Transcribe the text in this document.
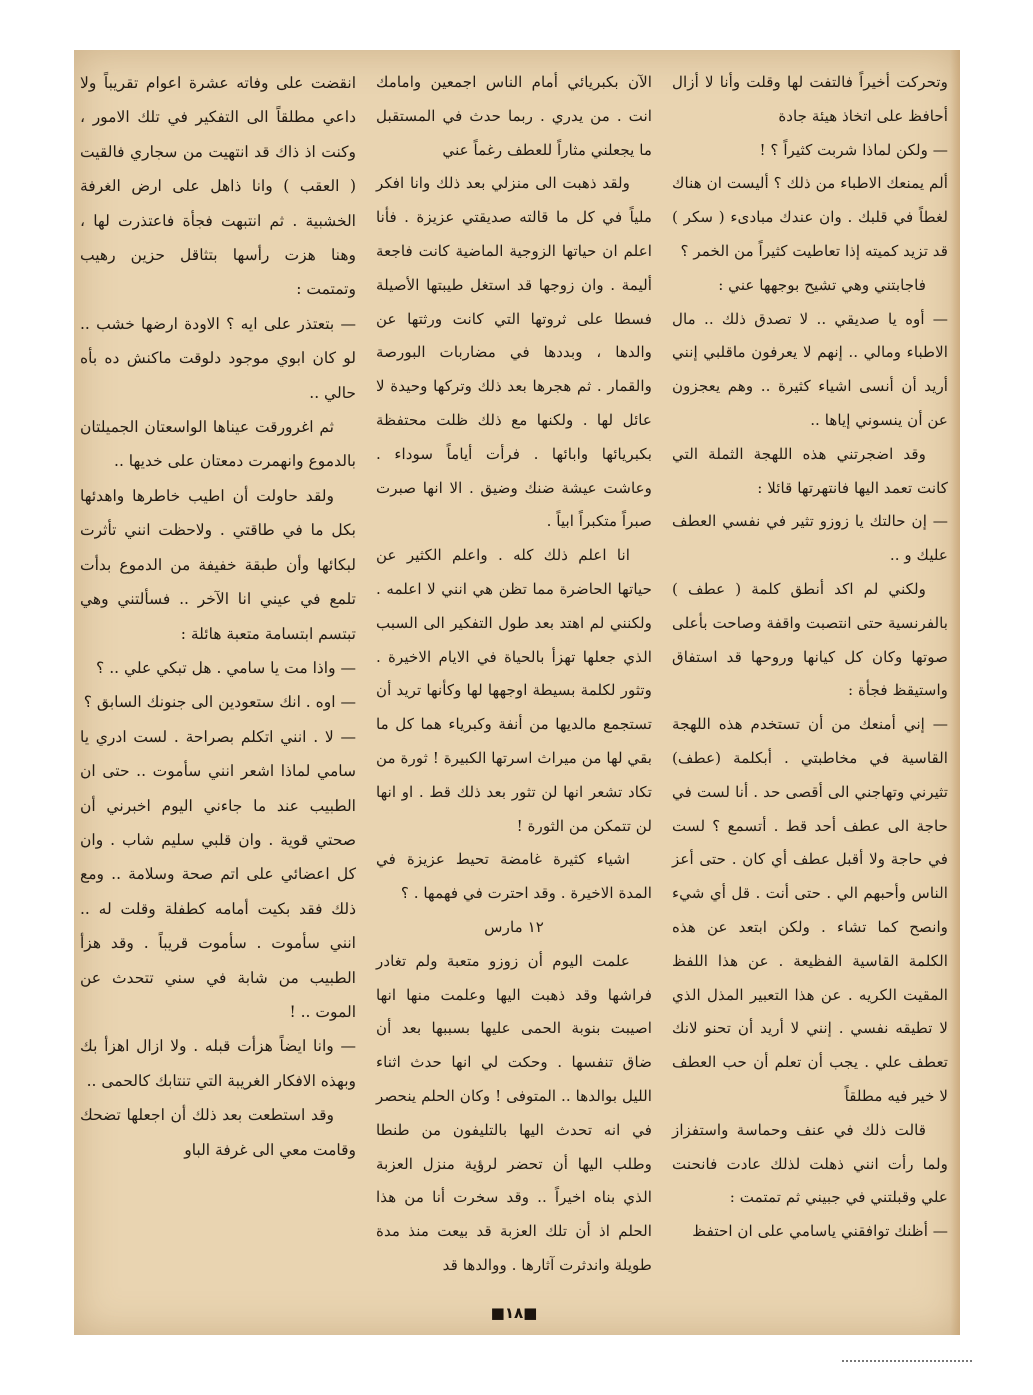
وتحركت أخيراً فالتفت لها وقلت وأنا لا أزال أحافظ على اتخاذ هيئة جادة

— ولكن لماذا شربت كثيراً ؟ !

ألم يمنعك الاطباء من ذلك ؟ أليست ان هناك لغطاً في قلبك . وان عندك مبادىء ( سكر ) قد تزيد كميته إذا تعاطيت كثيراً من الخمر ؟

فاجابتني وهي تشيح بوجهها عني :

— أوه يا صديقي .. لا تصدق ذلك .. مال الاطباء ومالي .. إنهم لا يعرفون ماقلبي إنني أريد أن أنسى اشياء كثيرة .. وهم يعجزون عن أن ينسوني إياها ..

وقد اضجرتني هذه اللهجة الثملة التي كانت تعمد اليها فانتهرتها قائلا :

— إن حالتك يا زوزو تثير في نفسي العطف عليك و ..

ولكني لم اكد أنطق كلمة ( عطف ) بالفرنسية حتى انتصبت واقفة وصاحت بأعلى صوتها وكان كل كيانها وروحها قد استفاق واستيقظ فجأة :

— إني أمنعك من أن تستخدم هذه اللهجة القاسية في مخاطبتي . أبكلمة (عطف) تثيرني وتهاجني الى أقصى حد . أنا لست في حاجة الى عطف أحد قط . أتسمع ؟ لست في حاجة ولا أقبل عطف أي كان . حتى أعز الناس وأحبهم الي . حتى أنت . قل أي شيء وانصح كما تشاء . ولكن ابتعد عن هذه الكلمة القاسية الفظيعة . عن هذا اللفظ المقيت الكريه . عن هذا التعبير المذل الذي لا تطيقه نفسي . إنني لا أريد أن تحنو لانك تعطف علي . يجب أن تعلم أن حب العطف لا خير فيه مطلقاً

قالت ذلك في عنف وحماسة واستفزاز ولما رأت انني ذهلت لذلك عادت فانحنت علي وقبلتني في جبيني ثم تمتمت :

— أظنك توافقني ياسامي على ان احتفظ

الآن بكبريائي أمام الناس اجمعين وامامك انت . من يدري . ربما حدث في المستقبل ما يجعلني مثاراً للعطف رغماً عني

ولقد ذهبت الى منزلي بعد ذلك وانا افكر ملياً في كل ما قالته صديقتي عزيزة . فأنا اعلم ان حياتها الزوجية الماضية كانت فاجعة أليمة . وان زوجها قد استغل طيبتها الأصيلة فسطا على ثروتها التي كانت ورثتها عن والدها ، وبددها في مضاربات البورصة والقمار . ثم هجرها بعد ذلك وتركها وحيدة لا عائل لها . ولكنها مع ذلك ظلت محتفظة بكبريائها وابائها . فرأت أياماً سوداء . وعاشت عيشة ضنك وضيق . الا انها صبرت صبراً متكبراً ابياً .

انا اعلم ذلك كله . واعلم الكثير عن حياتها الحاضرة مما تظن هي انني لا اعلمه . ولكنني لم اهتد بعد طول التفكير الى السبب الذي جعلها تهزأ بالحياة في الايام الاخيرة . وتثور لكلمة بسيطة اوجهها لها وكأنها تريد أن تستجمع مالديها من أنفة وكبرياء هما كل ما بقي لها من ميراث اسرتها الكبيرة ! ثورة من تكاد تشعر انها لن تثور بعد ذلك قط . او انها لن تتمكن من الثورة !

اشياء كثيرة غامضة تحيط عزيزة في المدة الاخيرة . وقد احترت في فهمها . ؟

١٢ مارس

علمت اليوم أن زوزو متعبة ولم تغادر فراشها وقد ذهبت اليها وعلمت منها انها اصيبت بنوبة الحمى عليها بسببها بعد أن ضاق تنفسها . وحكت لي انها حدث اثناء الليل بوالدها .. المتوفى ! وكان الحلم ينحصر في انه تحدث اليها بالتليفون من طنطا وطلب اليها أن تحضر لرؤية منزل العزبة الذي بناه اخيراً .. وقد سخرت أنا من هذا الحلم اذ أن تلك العزبة قد بيعت منذ مدة طويلة واندثرت آثارها . ووالدها قد

انقضت على وفاته عشرة اعوام تقريباً ولا داعي مطلقاً الى التفكير في تلك الامور ، وكنت اذ ذاك قد انتهيت من سجاري فالقيت ( العقب ) وانا ذاهل على ارض الغرفة الخشبية . ثم انتبهت فجأة فاعتذرت لها ، وهنا هزت رأسها بتثاقل حزين رهيب وتمتمت :

— بتعتذر على ايه ؟ الاودة ارضها خشب .. لو كان ابوي موجود دلوقت ماكنش ده بأه حالي ..

ثم اغرورقت عيناها الواسعتان الجميلتان بالدموع وانهمرت دمعتان على خديها ..

ولقد حاولت أن اطيب خاطرها واهدئها بكل ما في طاقتي . ولاحظت انني تأثرت لبكائها وأن طبقة خفيفة من الدموع بدأت تلمع في عيني انا الآخر .. فسألتني وهي تبتسم ابتسامة متعبة هائلة :

— واذا مت يا سامي . هل تبكي علي .. ؟

— اوه . انك ستعودين الى جنونك السابق ؟

— لا . انني اتكلم بصراحة . لست ادري يا سامي لماذا اشعر انني سأموت .. حتى ان الطبيب عند ما جاءني اليوم اخبرني أن صحتي قوية . وان قلبي سليم شاب . وان كل اعضائي على اتم صحة وسلامة .. ومع ذلك فقد بكيت أمامه كطفلة وقلت له .. انني سأموت . سأموت قريباً . وقد هزأ الطبيب من شابة في سني تتحدث عن الموت .. !

— وانا ايضاً هزأت قبله . ولا ازال اهزأ بك وبهذه الافكار الغريبة التي تنتابك كالحمى ..

وقد استطعت بعد ذلك أن اجعلها تضحك وقامت معي الى غرفة الباو

■١٨■
